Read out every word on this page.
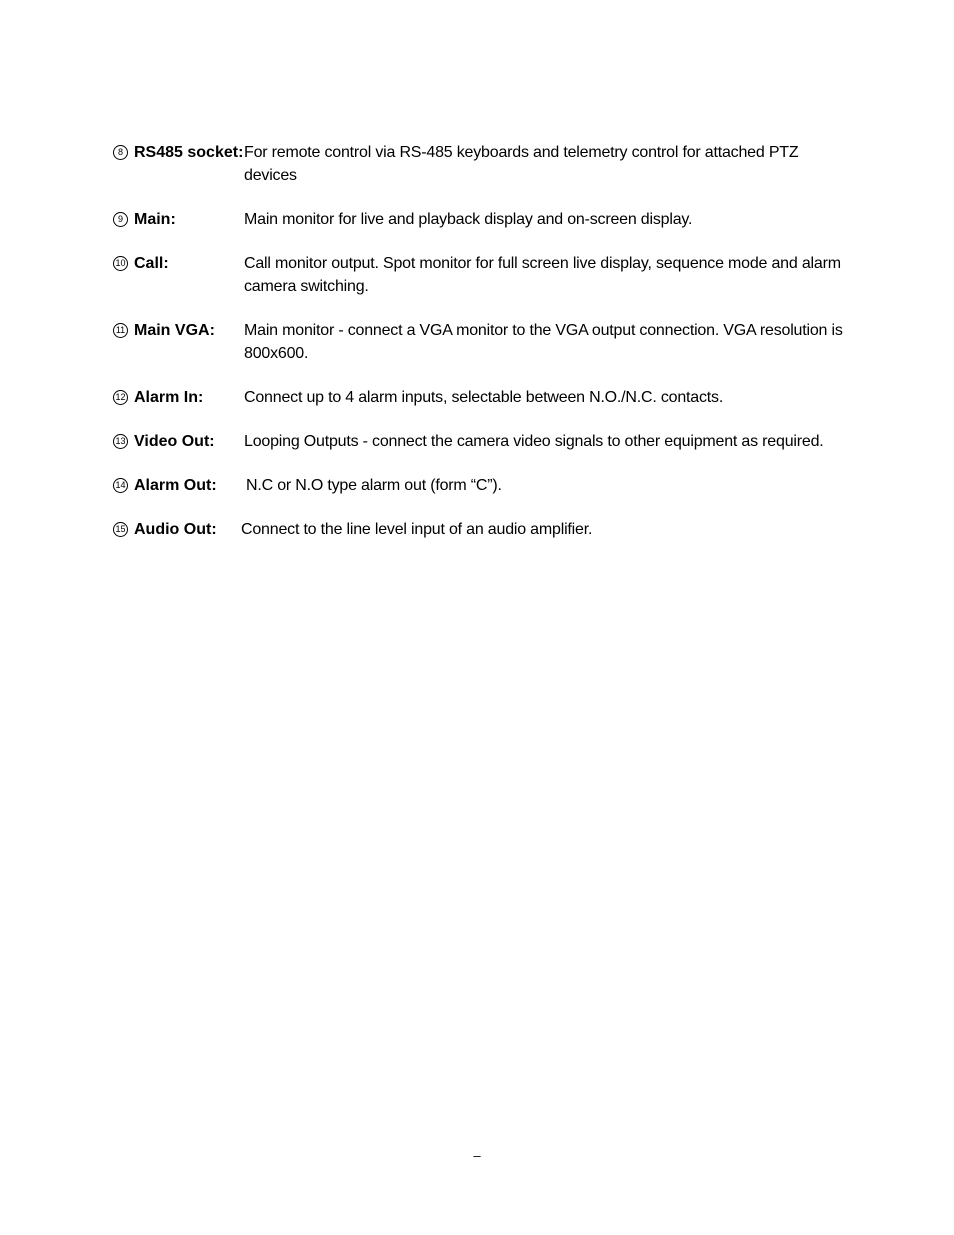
8 RS485 socket: For remote control via RS-485 keyboards and telemetry control for attached PTZ devices
9 Main:	Main monitor for live and playback display and on-screen display.
10 Call:	Call monitor output. Spot monitor for full screen live display, sequence mode and alarm camera switching.
11 Main VGA: Main monitor - connect a VGA monitor to the VGA output connection. VGA resolution is 800x600.
12 Alarm In:	Connect up to 4 alarm inputs, selectable between N.O./N.C. contacts.
13 Video Out: Looping Outputs - connect the camera video signals to other equipment as required.
14 Alarm Out: N.C or N.O type alarm out (form “C”).
15 Audio Out: Connect to the line level input of an audio amplifier.
–
